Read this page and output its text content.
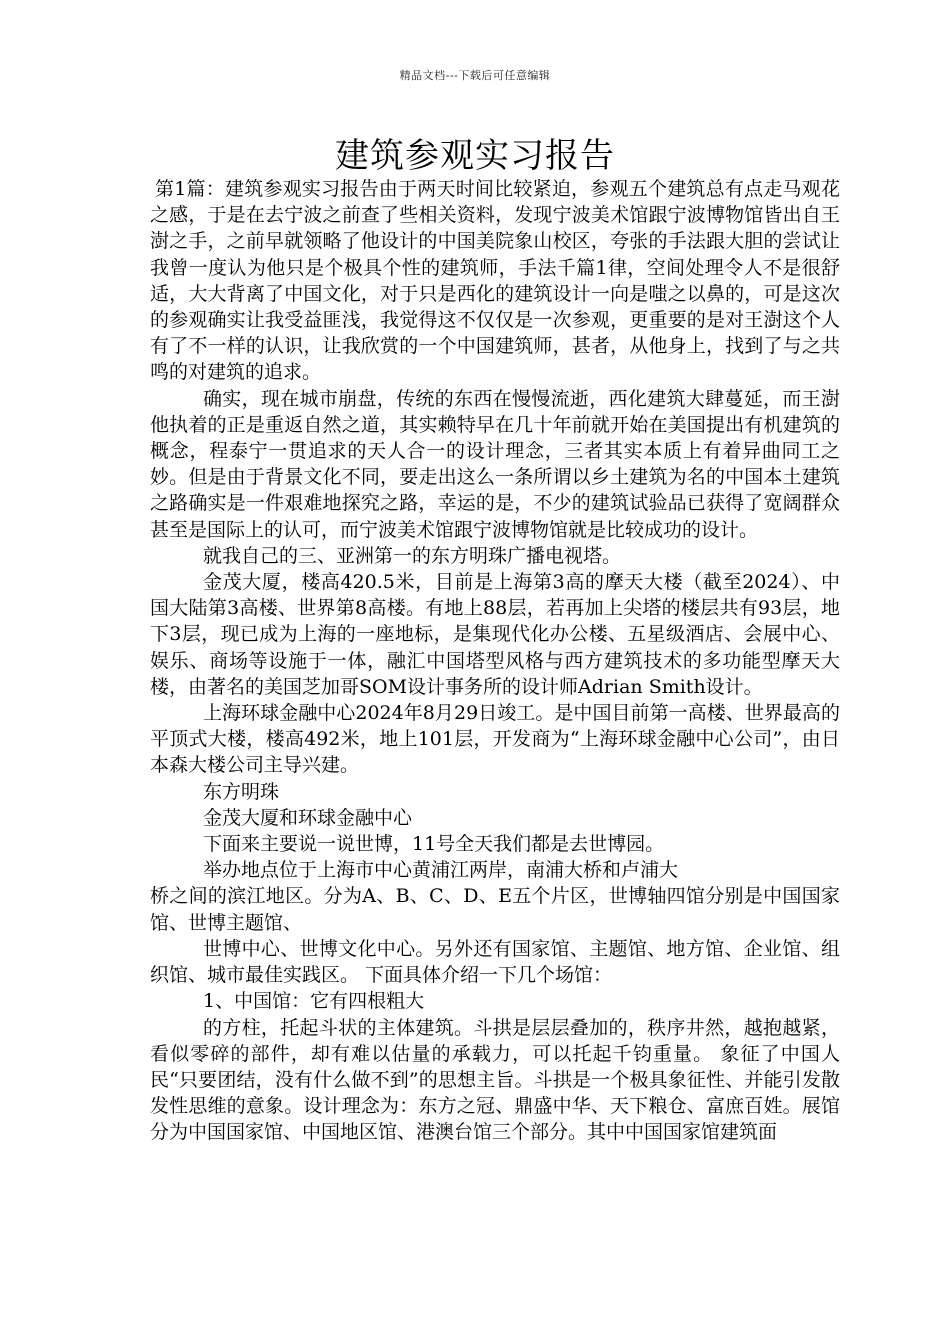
精品文档---下载后可任意编辑
建筑参观实习报告

第1篇：建筑参观实习报告由于两天时间比较紧迫，参观五个建筑总有点走马观花之感，于是在去宁波之前查了些相关资料，发现宁波美术馆跟宁波博物馆皆出自王澍之手，之前早就领略了他设计的中国美院象山校区，夸张的手法跟大胆的尝试让我曾一度认为他只是个极具个性的建筑师，手法千篇1律，空间处理令人不是很舒适，大大背离了中国文化，对于只是西化的建筑设计一向是嗤之以鼻的，可是这次的参观确实让我受益匪浅，我觉得这不仅仅是一次参观，更重要的是对王澍这个人有了不一样的认识，让我欣赏的一个中国建筑师，甚者，从他身上，找到了与之共鸣的对建筑的追求。

确实，现在城市崩盘，传统的东西在慢慢流逝，西化建筑大肆蔓延，而王澍他执着的正是重返自然之道，其实赖特早在几十年前就开始在美国提出有机建筑的概念，程泰宁一贯追求的天人合一的设计理念，三者其实本质上有着异曲同工之妙。但是由于背景文化不同，要走出这么一条所谓以乡土建筑为名的中国本土建筑之路确实是一件艰难地探究之路，幸运的是，不少的建筑试验品已获得了宽阔群众甚至是国际上的认可，而宁波美术馆跟宁波博物馆就是比较成功的设计。

就我自己的三、亚洲第一的东方明珠广播电视塔。

金茂大厦，楼高420.5米，目前是上海第3高的摩天大楼（截至2024）、中国大陆第3高楼、世界第8高楼。有地上88层，若再加上尖塔的楼层共有93层，地下3层，现已成为上海的一座地标，是集现代化办公楼、五星级酒店、会展中心、娱乐、商场等设施于一体，融汇中国塔型风格与西方建筑技术的多功能型摩天大楼，由著名的美国芝加哥SOM设计事务所的设计师Adrian Smith设计。

上海环球金融中心2024年8月29日竣工。是中国目前第一高楼、世界最高的平顶式大楼，楼高492米，地上101层，开发商为“上海环球金融中心公司”，由日本森大楼公司主导兴建。

东方明珠

金茂大厦和环球金融中心

下面来主要说一说世博，11号全天我们都是去世博园。

举办地点位于上海市中心黄浦江两岸，南浦大桥和卢浦大

桥之间的滨江地区。分为A、B、C、D、E五个片区，世博轴四馆分别是中国国家馆、世博主题馆、

世博中心、世博文化中心。另外还有国家馆、主题馆、地方馆、企业馆、组织馆、城市最佳实践区。 下面具体介绍一下几个场馆：

1、中国馆：它有四根粗大

的方柱，托起斗状的主体建筑。斗拱是层层叠加的，秩序井然，越抱越紧，看似零碎的部件，却有难以估量的承载力，可以托起千钧重量。 象征了中国人民“只要团结，没有什么做不到”的思想主旨。斗拱是一个极具象征性、并能引发散发性思维的意象。设计理念为：东方之冠、鼎盛中华、天下粮仓、富庶百姓。展馆分为中国国家馆、中国地区馆、港澳台馆三个部分。其中中国国家馆建筑面
